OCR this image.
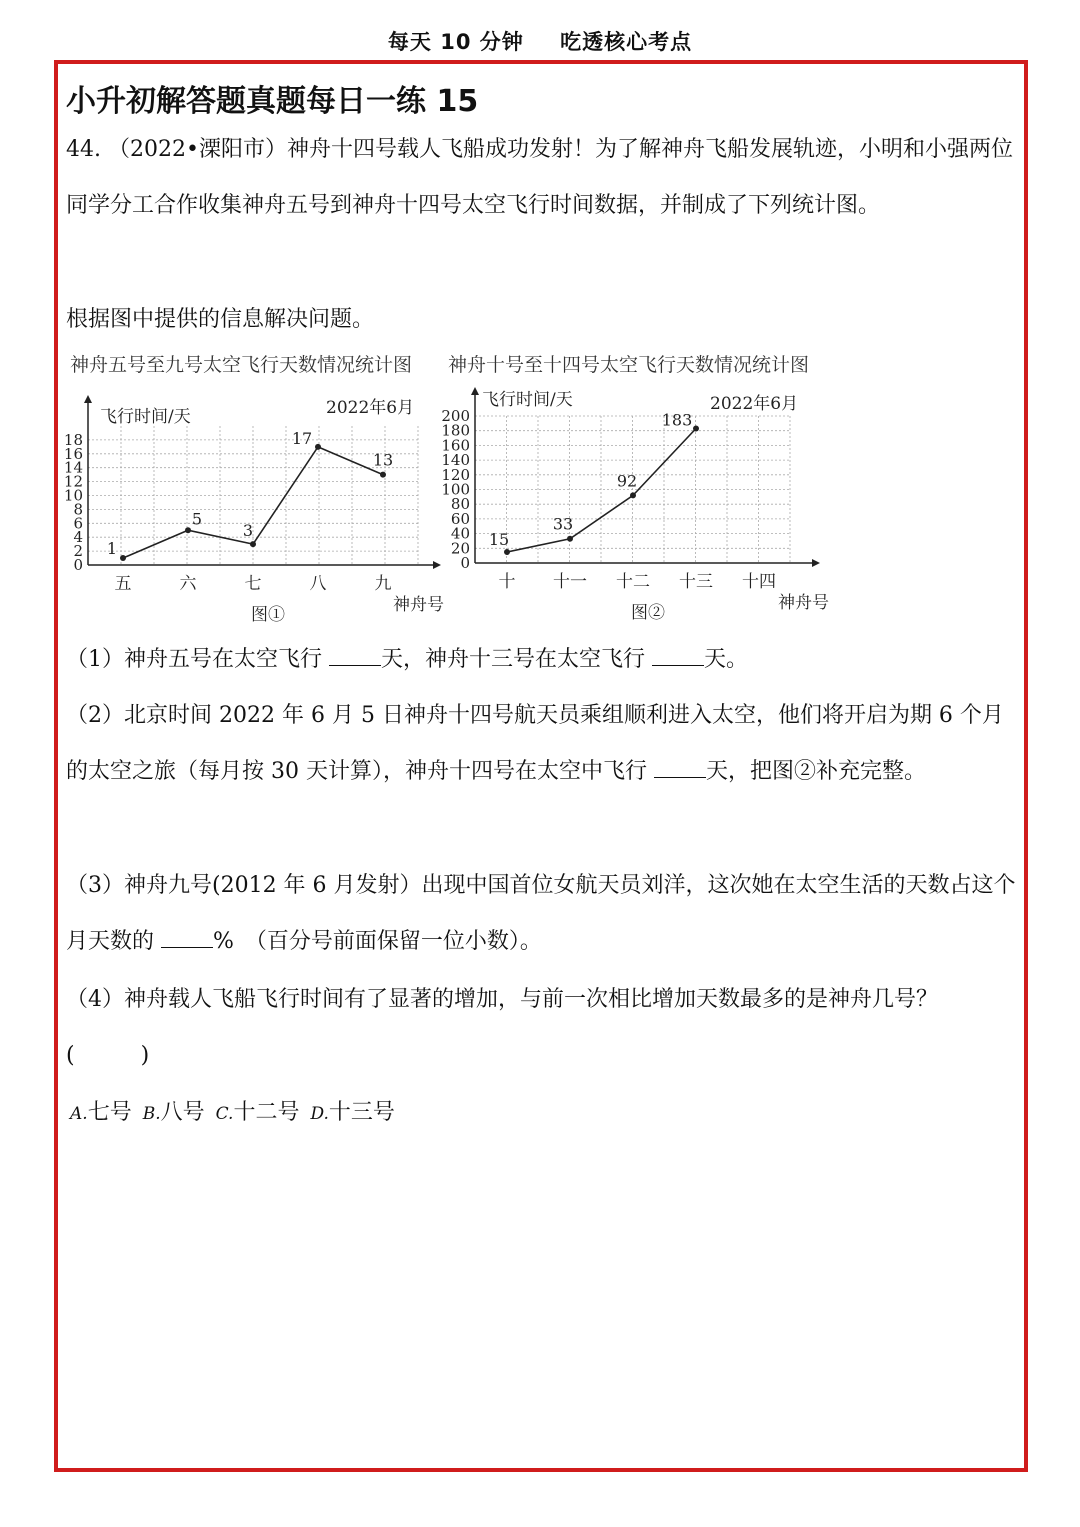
每天 10 分钟 吃透核心考点
小升初解答题真题每日一练 15
44. （2022•溧阳市）神舟十四号载人飞船成功发射！为了解神舟飞船发展轨迹，小明和小强两位同学分工合作收集神舟五号到神舟十四号太空飞行时间数据，并制成了下列统计图。
根据图中提供的信息解决问题。
神舟五号至九号太空飞行天数情况统计图 神舟十号至十四号太空飞行天数情况统计图
0
2
4
6
8
10
12
14
16
18
飞行时间/天	2022年6月
五	六	七	八	九
神舟号
图①
1
5
3
17
13
0
20
40
60
80
100
120
140
160
180
200
飞行时间/天	2022年6月
十 十一 十二 十三 十四
神舟号
图②
15
33
92
183
（1）神舟五号在太空飞行 天，神舟十三号在太空飞行 天。
（2）北京时间 2022 年 6 月 5 日神舟十四号航天员乘组顺利进入太空，他们将开启为期 6 个月的太空之旅（每月按 30 天计算），神舟十四号在太空中飞行 天，把图②补充完整。
（3）神舟九号(2012 年 6 月发射）出现中国首位女航天员刘洋，这次她在太空生活的天数占这个月天数的 %　（百分号前面保留一位小数）。
（4）神舟载人飞船飞行时间有了显著的增加，与前一次相比增加天数最多的是神舟几号？(　　　)
A.七号 B.八号 C.十二号 D.十三号
